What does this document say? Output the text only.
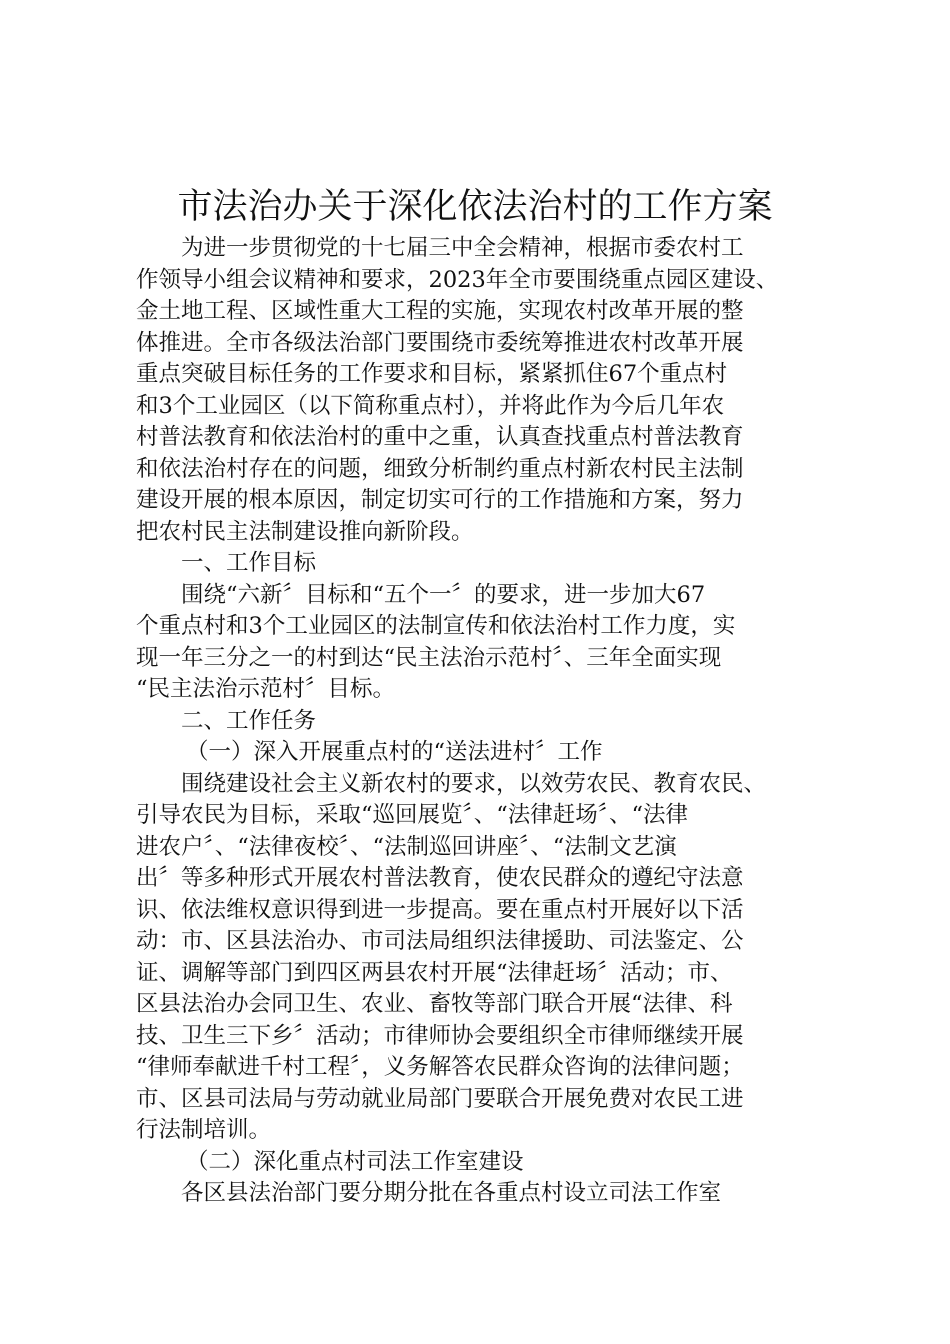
市法治办关于深化依法治村的工作方案
为进一步贯彻党的十七届三中全会精神，根据市委农村工
作领导小组会议精神和要求，2023年全市要围绕重点园区建设、
金土地工程、区域性重大工程的实施，实现农村改革开展的整
体推进。全市各级法治部门要围绕市委统筹推进农村改革开展
重点突破目标任务的工作要求和目标，紧紧抓住67个重点村
和3个工业园区（以下简称重点村），并将此作为今后几年农
村普法教育和依法治村的重中之重，认真查找重点村普法教育
和依法治村存在的问题，细致分析制约重点村新农村民主法制
建设开展的根本原因，制定切实可行的工作措施和方案，努力
把农村民主法制建设推向新阶段。
一、工作目标
围绕“六新〞目标和“五个一〞的要求，进一步加大67
个重点村和3个工业园区的法制宣传和依法治村工作力度，实
现一年三分之一的村到达“民主法治示范村〞、三年全面实现
“民主法治示范村〞目标。
二、工作任务
（一）深入开展重点村的“送法进村〞工作
围绕建设社会主义新农村的要求，以效劳农民、教育农民、
引导农民为目标，采取“巡回展览〞、“法律赶场〞、“法律
进农户〞、“法律夜校〞、“法制巡回讲座〞、“法制文艺演
出〞等多种形式开展农村普法教育，使农民群众的遵纪守法意
识、依法维权意识得到进一步提高。要在重点村开展好以下活
动：市、区县法治办、市司法局组织法律援助、司法鉴定、公
证、调解等部门到四区两县农村开展“法律赶场〞活动；市、
区县法治办会同卫生、农业、畜牧等部门联合开展“法律、科
技、卫生三下乡〞活动；市律师协会要组织全市律师继续开展
“律师奉献进千村工程〞，义务解答农民群众咨询的法律问题；
市、区县司法局与劳动就业局部门要联合开展免费对农民工进
行法制培训。
（二）深化重点村司法工作室建设
各区县法治部门要分期分批在各重点村设立司法工作室
